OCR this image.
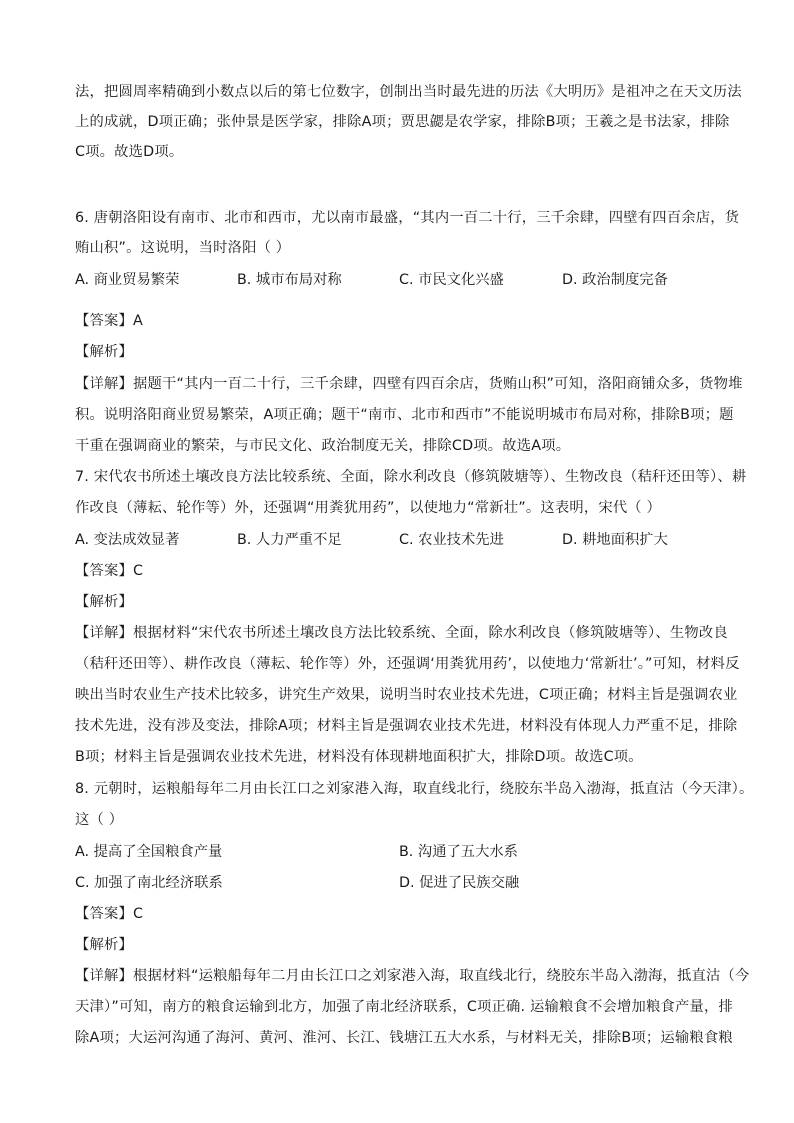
法，把圆周率精确到小数点以后的第七位数字，创制出当时最先进的历法《大明历》是祖冲之在天文历法
上的成就，D项正确；张仲景是医学家，排除A项；贾思勰是农学家，排除B项；王羲之是书法家，排除
C项。故选D项。
6. 唐朝洛阳设有南市、北市和西市，尤以南市最盛，“其内一百二十行，三千余肆，四壁有四百余店，货
贿山积”。这说明，当时洛阳（ ）
A. 商业贸易繁荣	B. 城市布局对称	C. 市民文化兴盛	D. 政治制度完备
【答案】A
【解析】
【详解】据题干“其内一百二十行，三千余肆，四壁有四百余店，货贿山积”可知，洛阳商铺众多，货物堆
积。说明洛阳商业贸易繁荣，A项正确；题干“南市、北市和西市”不能说明城市布局对称，排除B项；题
干重在强调商业的繁荣，与市民文化、政治制度无关，排除CD项。故选A项。
7. 宋代农书所述土壤改良方法比较系统、全面，除水利改良（修筑陂塘等）、生物改良（秸秆还田等）、耕
作改良（薄耘、轮作等）外，还强调“用粪犹用药”，以使地力“常新壮”。这表明，宋代（ ）
A. 变法成效显著	B. 人力严重不足	C. 农业技术先进	D. 耕地面积扩大
【答案】C
【解析】
【详解】根据材料“宋代农书所述土壤改良方法比较系统、全面，除水利改良（修筑陂塘等）、生物改良
（秸秆还田等）、耕作改良（薄耘、轮作等）外，还强调‘用粪犹用药’，以使地力‘常新壮’。”可知，材料反
映出当时农业生产技术比较多，讲究生产效果，说明当时农业技术先进，C项正确；材料主旨是强调农业
技术先进，没有涉及变法，排除A项；材料主旨是强调农业技术先进，材料没有体现人力严重不足，排除
B项；材料主旨是强调农业技术先进，材料没有体现耕地面积扩大，排除D项。故选C项。
8. 元朝时，运粮船每年二月由长江口之刘家港入海，取直线北行，绕胶东半岛入渤海，抵直沽（今天津）。
这（ ）
A. 提高了全国粮食产量	B. 沟通了五大水系
C. 加强了南北经济联系	D. 促进了民族交融
【答案】C
【解析】
【详解】根据材料“运粮船每年二月由长江口之刘家港入海，取直线北行，绕胶东半岛入渤海，抵直沽（今
天津）”可知，南方的粮食运输到北方，加强了南北经济联系，C项正确. 运输粮食不会增加粮食产量，排
除A项；大运河沟通了海河、黄河、淮河、长江、钱塘江五大水系，与材料无关，排除B项；运输粮食粮
